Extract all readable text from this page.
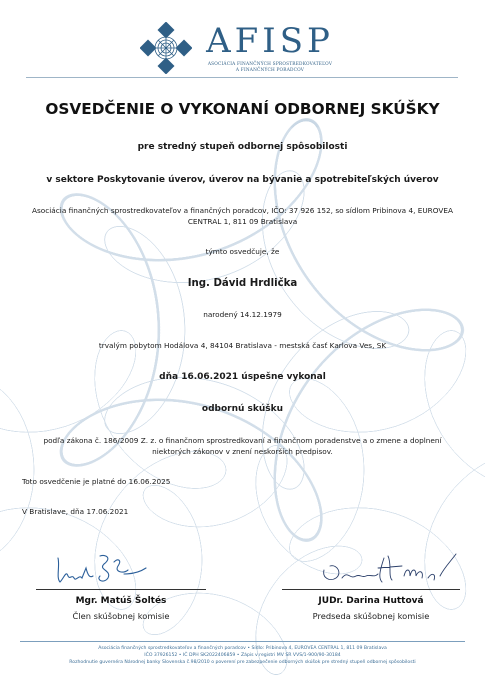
AFISP
ASOCIÁCIA FINANČNÝCH SPROSTREDKOVATEĽOV
A FINANČNÝCH PORADCOV
OSVEDČENIE O VYKONANÍ ODBORNEJ SKÚŠKY
pre stredný stupeň odbornej spôsobilosti
v sektore Poskytovanie úverov, úverov na bývanie a spotrebiteľských úverov
Asociácia finančných sprostredkovateľov a finančných poradcov, IČO: 37 926 152, so sídlom Pribinova 4, EUROVEA
CENTRAL 1, 811 09 Bratislava
týmto osvedčuje, že
Ing. Dávid Hrdlička
narodený 14.12.1979
trvalým pobytom Hodálova 4, 84104 Bratislava - mestská časť Karlova Ves, SK
dňa 16.06.2021 úspešne vykonal
odbornú skúšku
podľa zákona č. 186/2009 Z. z. o finančnom sprostredkovaní a finančnom poradenstve a o zmene a doplnení
niektorých zákonov v znení neskorších predpisov.
Toto osvedčenie je platné do 16.06.2025
V Bratislave, dňa 17.06.2021
Mgr. Matúš Šoltés
Člen skúšobnej komisie
JUDr. Darina Huttová
Predseda skúšobnej komisie
Asociácia finančných sprostredkovateľov a finančných poradcov • Sídlo: Pribinova 4, EUROVEA CENTRAL 1, 811 09 Bratislava
IČO 37926152 • IČ DPH SK2022406859 • Zápis v registri MV SR VVS/1-900/90-30184
Rozhodnutie guvernéra Národnej banky Slovenska č.98/2010 o poverení pre zabezpečenie odborných skúšok pre stredný stupeň odbornej spôsobilosti
